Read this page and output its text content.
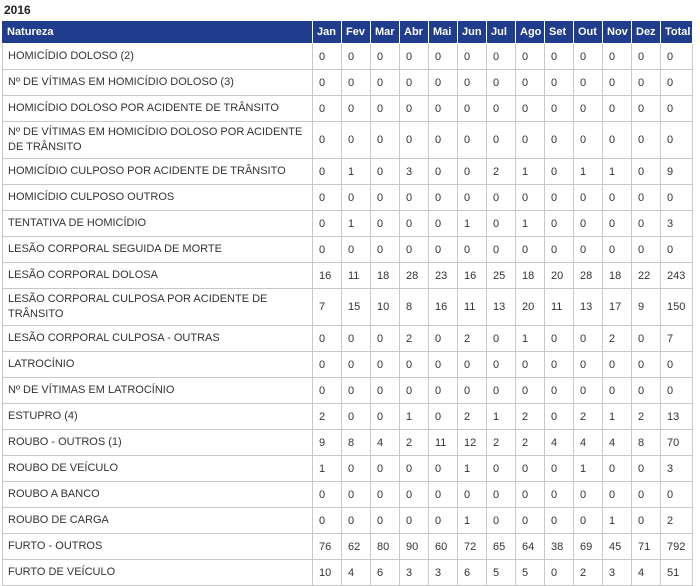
2016
Natureza	Jan	Fev	Mar	Abr	Mai	Jun	Jul	Ago	Set	Out	Nov	Dez	Total
HOMICÍDIO DOLOSO (2)	0	0	0	0	0	0	0	0	0	0	0	0	0
Nº DE VÍTIMAS EM HOMICÍDIO DOLOSO (3)	0	0	0	0	0	0	0	0	0	0	0	0	0
HOMICÍDIO DOLOSO POR ACIDENTE DE TRÂNSITO	0	0	0	0	0	0	0	0	0	0	0	0	0
Nº DE VÍTIMAS EM HOMICÍDIO DOLOSO POR ACIDENTE DE TRÂNSITO	0	0	0	0	0	0	0	0	0	0	0	0	0
HOMICÍDIO CULPOSO POR ACIDENTE DE TRÂNSITO	0	1	0	3	0	0	2	1	0	1	1	0	9
HOMICÍDIO CULPOSO OUTROS	0	0	0	0	0	0	0	0	0	0	0	0	0
TENTATIVA DE HOMICÍDIO	0	1	0	0	0	1	0	1	0	0	0	0	3
LESÃO CORPORAL SEGUIDA DE MORTE	0	0	0	0	0	0	0	0	0	0	0	0	0
LESÃO CORPORAL DOLOSA	16	11	18	28	23	16	25	18	20	28	18	22	243
LESÃO CORPORAL CULPOSA POR ACIDENTE DE TRÂNSITO	7	15	10	8	16	11	13	20	11	13	17	9	150
LESÃO CORPORAL CULPOSA - OUTRAS	0	0	0	2	0	2	0	1	0	0	2	0	7
LATROCÍNIO	0	0	0	0	0	0	0	0	0	0	0	0	0
Nº DE VÍTIMAS EM LATROCÍNIO	0	0	0	0	0	0	0	0	0	0	0	0	0
ESTUPRO (4)	2	0	0	1	0	2	1	2	0	2	1	2	13
ROUBO - OUTROS (1)	9	8	4	2	11	12	2	2	4	4	4	8	70
ROUBO DE VEÍCULO	1	0	0	0	0	1	0	0	0	1	0	0	3
ROUBO A BANCO	0	0	0	0	0	0	0	0	0	0	0	0	0
ROUBO DE CARGA	0	0	0	0	0	1	0	0	0	0	1	0	2
FURTO - OUTROS	76	62	80	90	60	72	65	64	38	69	45	71	792
FURTO DE VEÍCULO	10	4	6	3	3	6	5	5	0	2	3	4	51
